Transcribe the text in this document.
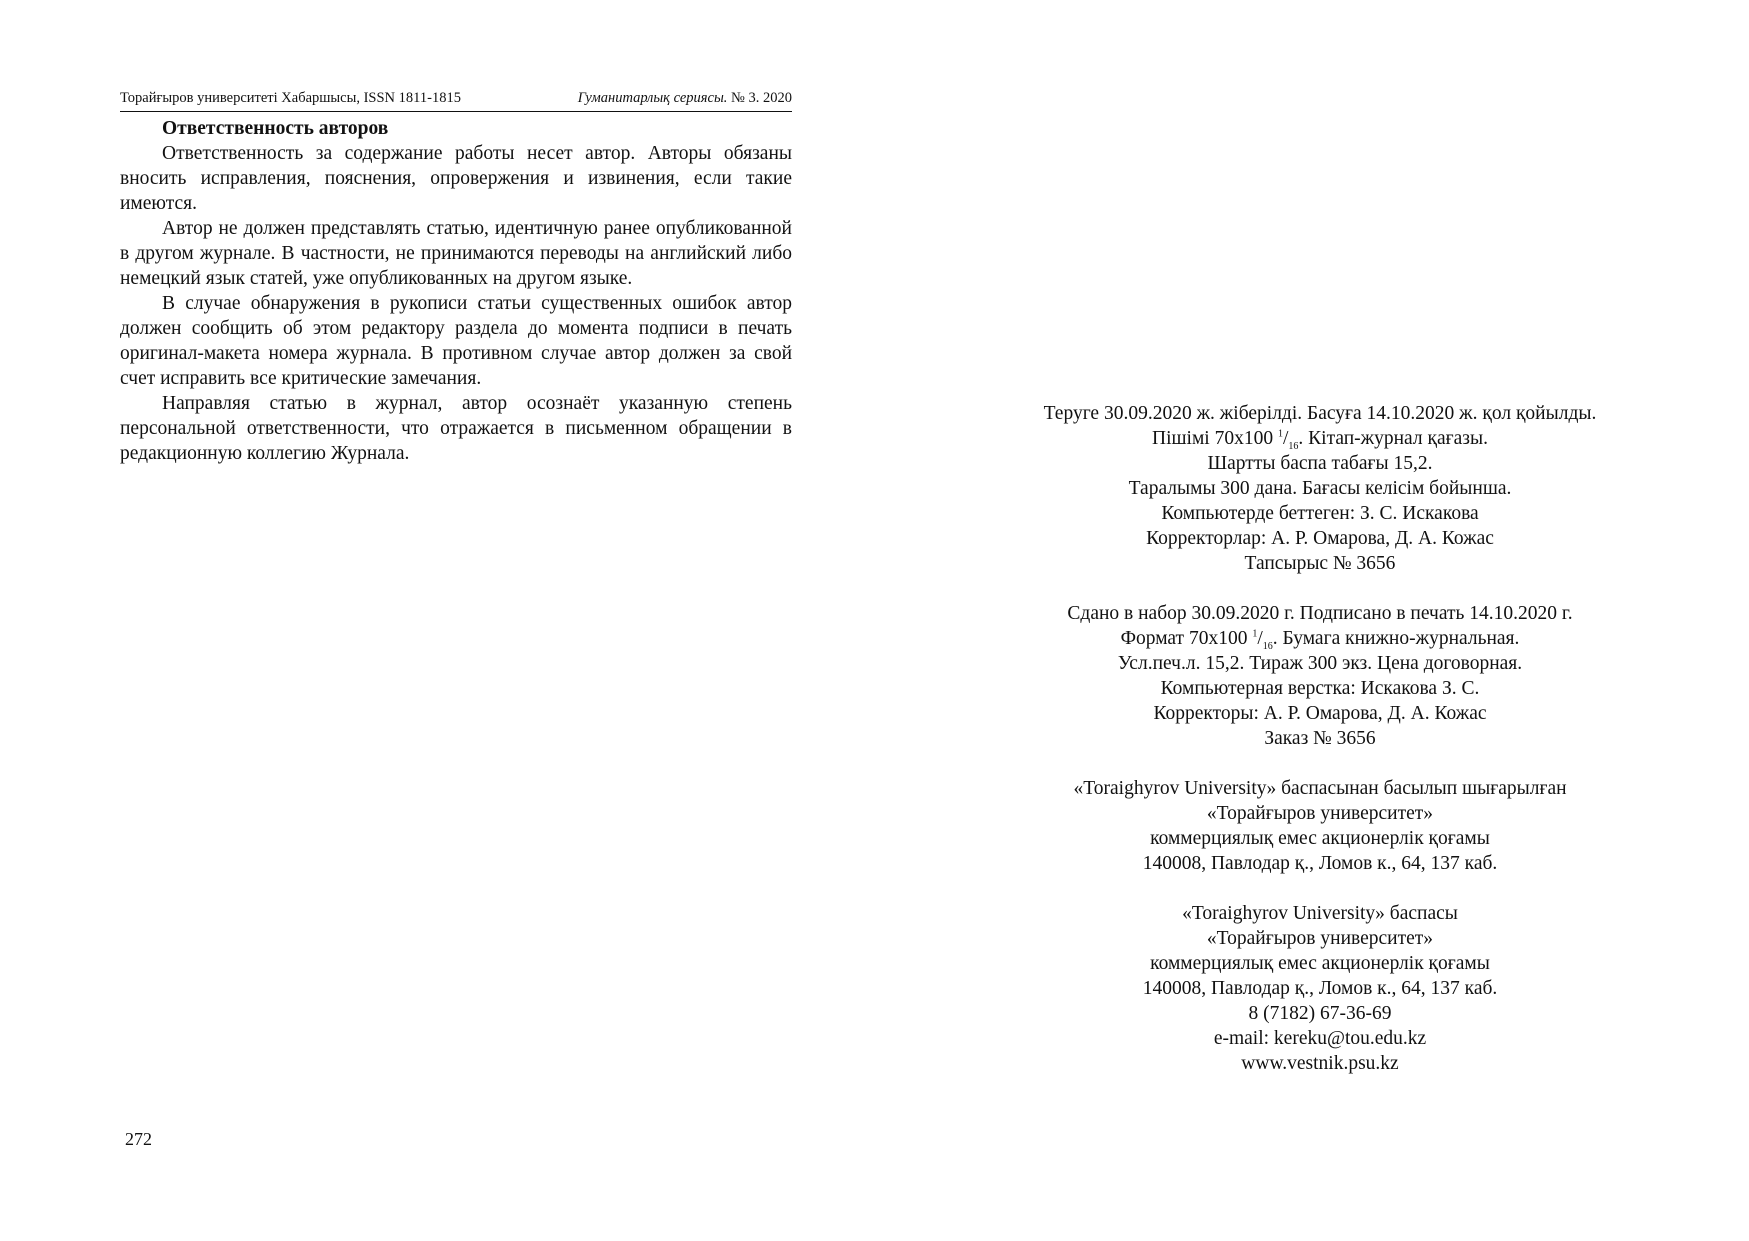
Торайғыров университеті Хабаршысы, ISSN 1811-1815	Гуманитарлық сериясы. № 3. 2020

Ответственность авторов

Ответственность за содержание работы несет автор. Авторы обязаны вносить исправления, пояснения, опровержения и извинения, если такие имеются.

Автор не должен представлять статью, идентичную ранее опубликованной в другом журнале. В частности, не принимаются переводы на английский либо немецкий язык статей, уже опубликованных на другом языке.

В случае обнаружения в рукописи статьи существенных ошибок автор должен сообщить об этом редактору раздела до момента подписи в печать оригинал-макета номера журнала. В противном случае автор должен за свой счет исправить все критические замечания.

Направляя статью в журнал, автор осознаёт указанную степень персональной ответственности, что отражается в письменном обращении в редакционную коллегию Журнала.

272
Теруге 30.09.2020 ж. жіберілді. Басуға 14.10.2020 ж. қол қойылды.
Пішімі 70х100 $^1/_{16}$. Кітап-журнал қағазы.
Шартты баспа табағы 15,2.
Таралымы 300 дана. Бағасы келісім бойынша.
Компьютерде беттеген: З. С. Искакова
Корректорлар: А. Р. Омарова, Д. А. Кожас
Тапсырыс № 3656
Сдано в набор 30.09.2020 г. Подписано в печать 14.10.2020 г.
Формат 70х100 $^1/_{16}$. Бумага книжно-журнальная.
Усл.печ.л. 15,2. Тираж 300 экз. Цена договорная.
Компьютерная верстка: Искакова З. С.
Корректоры: А. Р. Омарова, Д. А. Кожас
Заказ № 3656
«Toraighyrov University» баспасынан басылып шығарылған
«Торайғыров университет»
коммерциялық емес акционерлік қоғамы
140008, Павлодар қ., Ломов к., 64, 137 каб.
«Toraighyrov University» баспасы
«Торайғыров университет»
коммерциялық емес акционерлік қоғамы
140008, Павлодар қ., Ломов к., 64, 137 каб.
8 (7182) 67-36-69
e-mail: kereku@tou.edu.kz
www.vestnik.psu.kz
